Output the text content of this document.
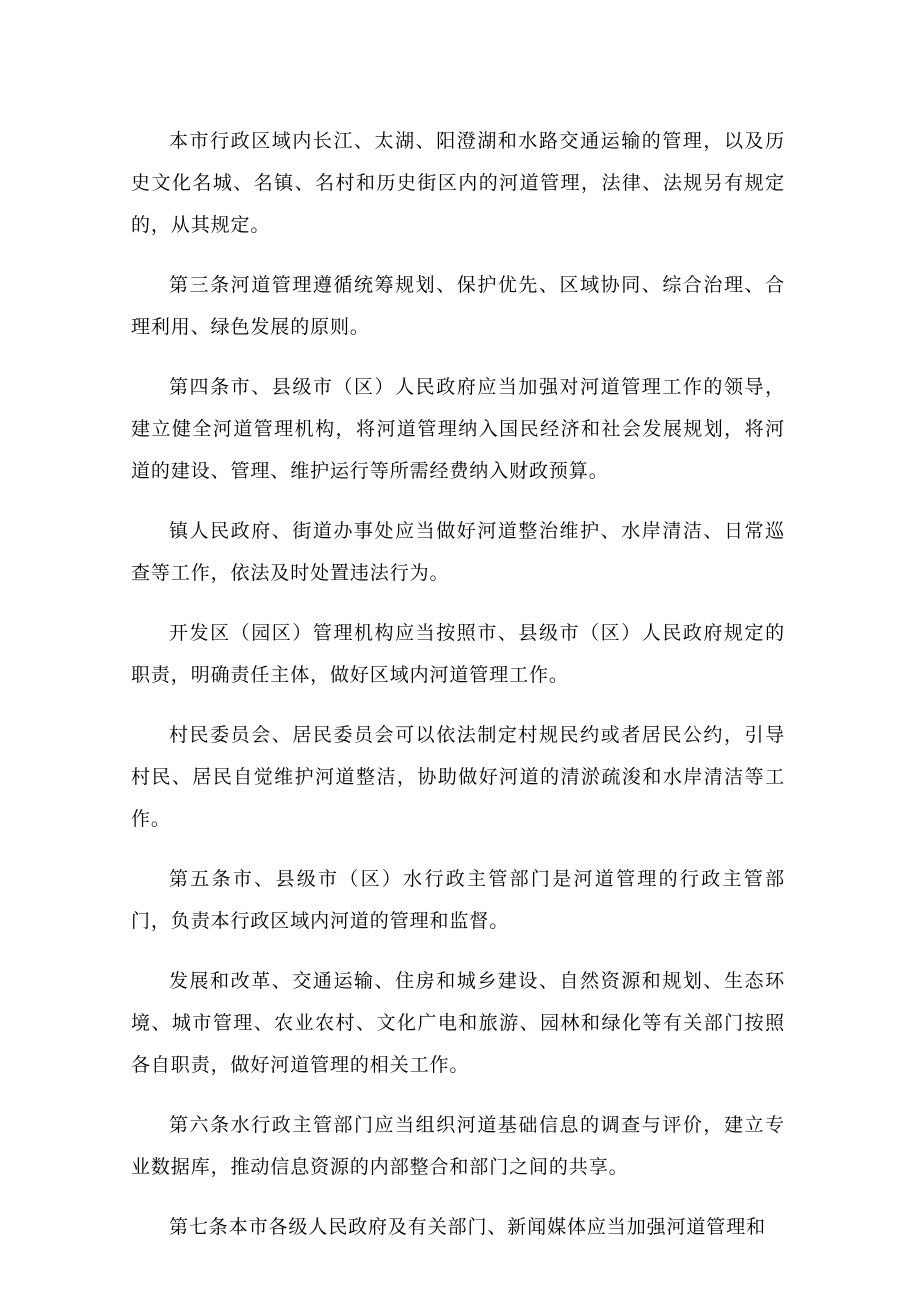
本市行政区域内长江、太湖、阳澄湖和水路交通运输的管理，以及历史文化名城、名镇、名村和历史街区内的河道管理，法律、法规另有规定的，从其规定。

第三条河道管理遵循统筹规划、保护优先、区域协同、综合治理、合理利用、绿色发展的原则。

第四条市、县级市（区）人民政府应当加强对河道管理工作的领导，建立健全河道管理机构，将河道管理纳入国民经济和社会发展规划，将河道的建设、管理、维护运行等所需经费纳入财政预算。

镇人民政府、街道办事处应当做好河道整治维护、水岸清洁、日常巡查等工作，依法及时处置违法行为。

开发区（园区）管理机构应当按照市、县级市（区）人民政府规定的职责，明确责任主体，做好区域内河道管理工作。

村民委员会、居民委员会可以依法制定村规民约或者居民公约，引导村民、居民自觉维护河道整洁，协助做好河道的清淤疏浚和水岸清洁等工作。

第五条市、县级市（区）水行政主管部门是河道管理的行政主管部门，负责本行政区域内河道的管理和监督。

发展和改革、交通运输、住房和城乡建设、自然资源和规划、生态环境、城市管理、农业农村、文化广电和旅游、园林和绿化等有关部门按照各自职责，做好河道管理的相关工作。

第六条水行政主管部门应当组织河道基础信息的调查与评价，建立专业数据库，推动信息资源的内部整合和部门之间的共享。

第七条本市各级人民政府及有关部门、新闻媒体应当加强河道管理和
